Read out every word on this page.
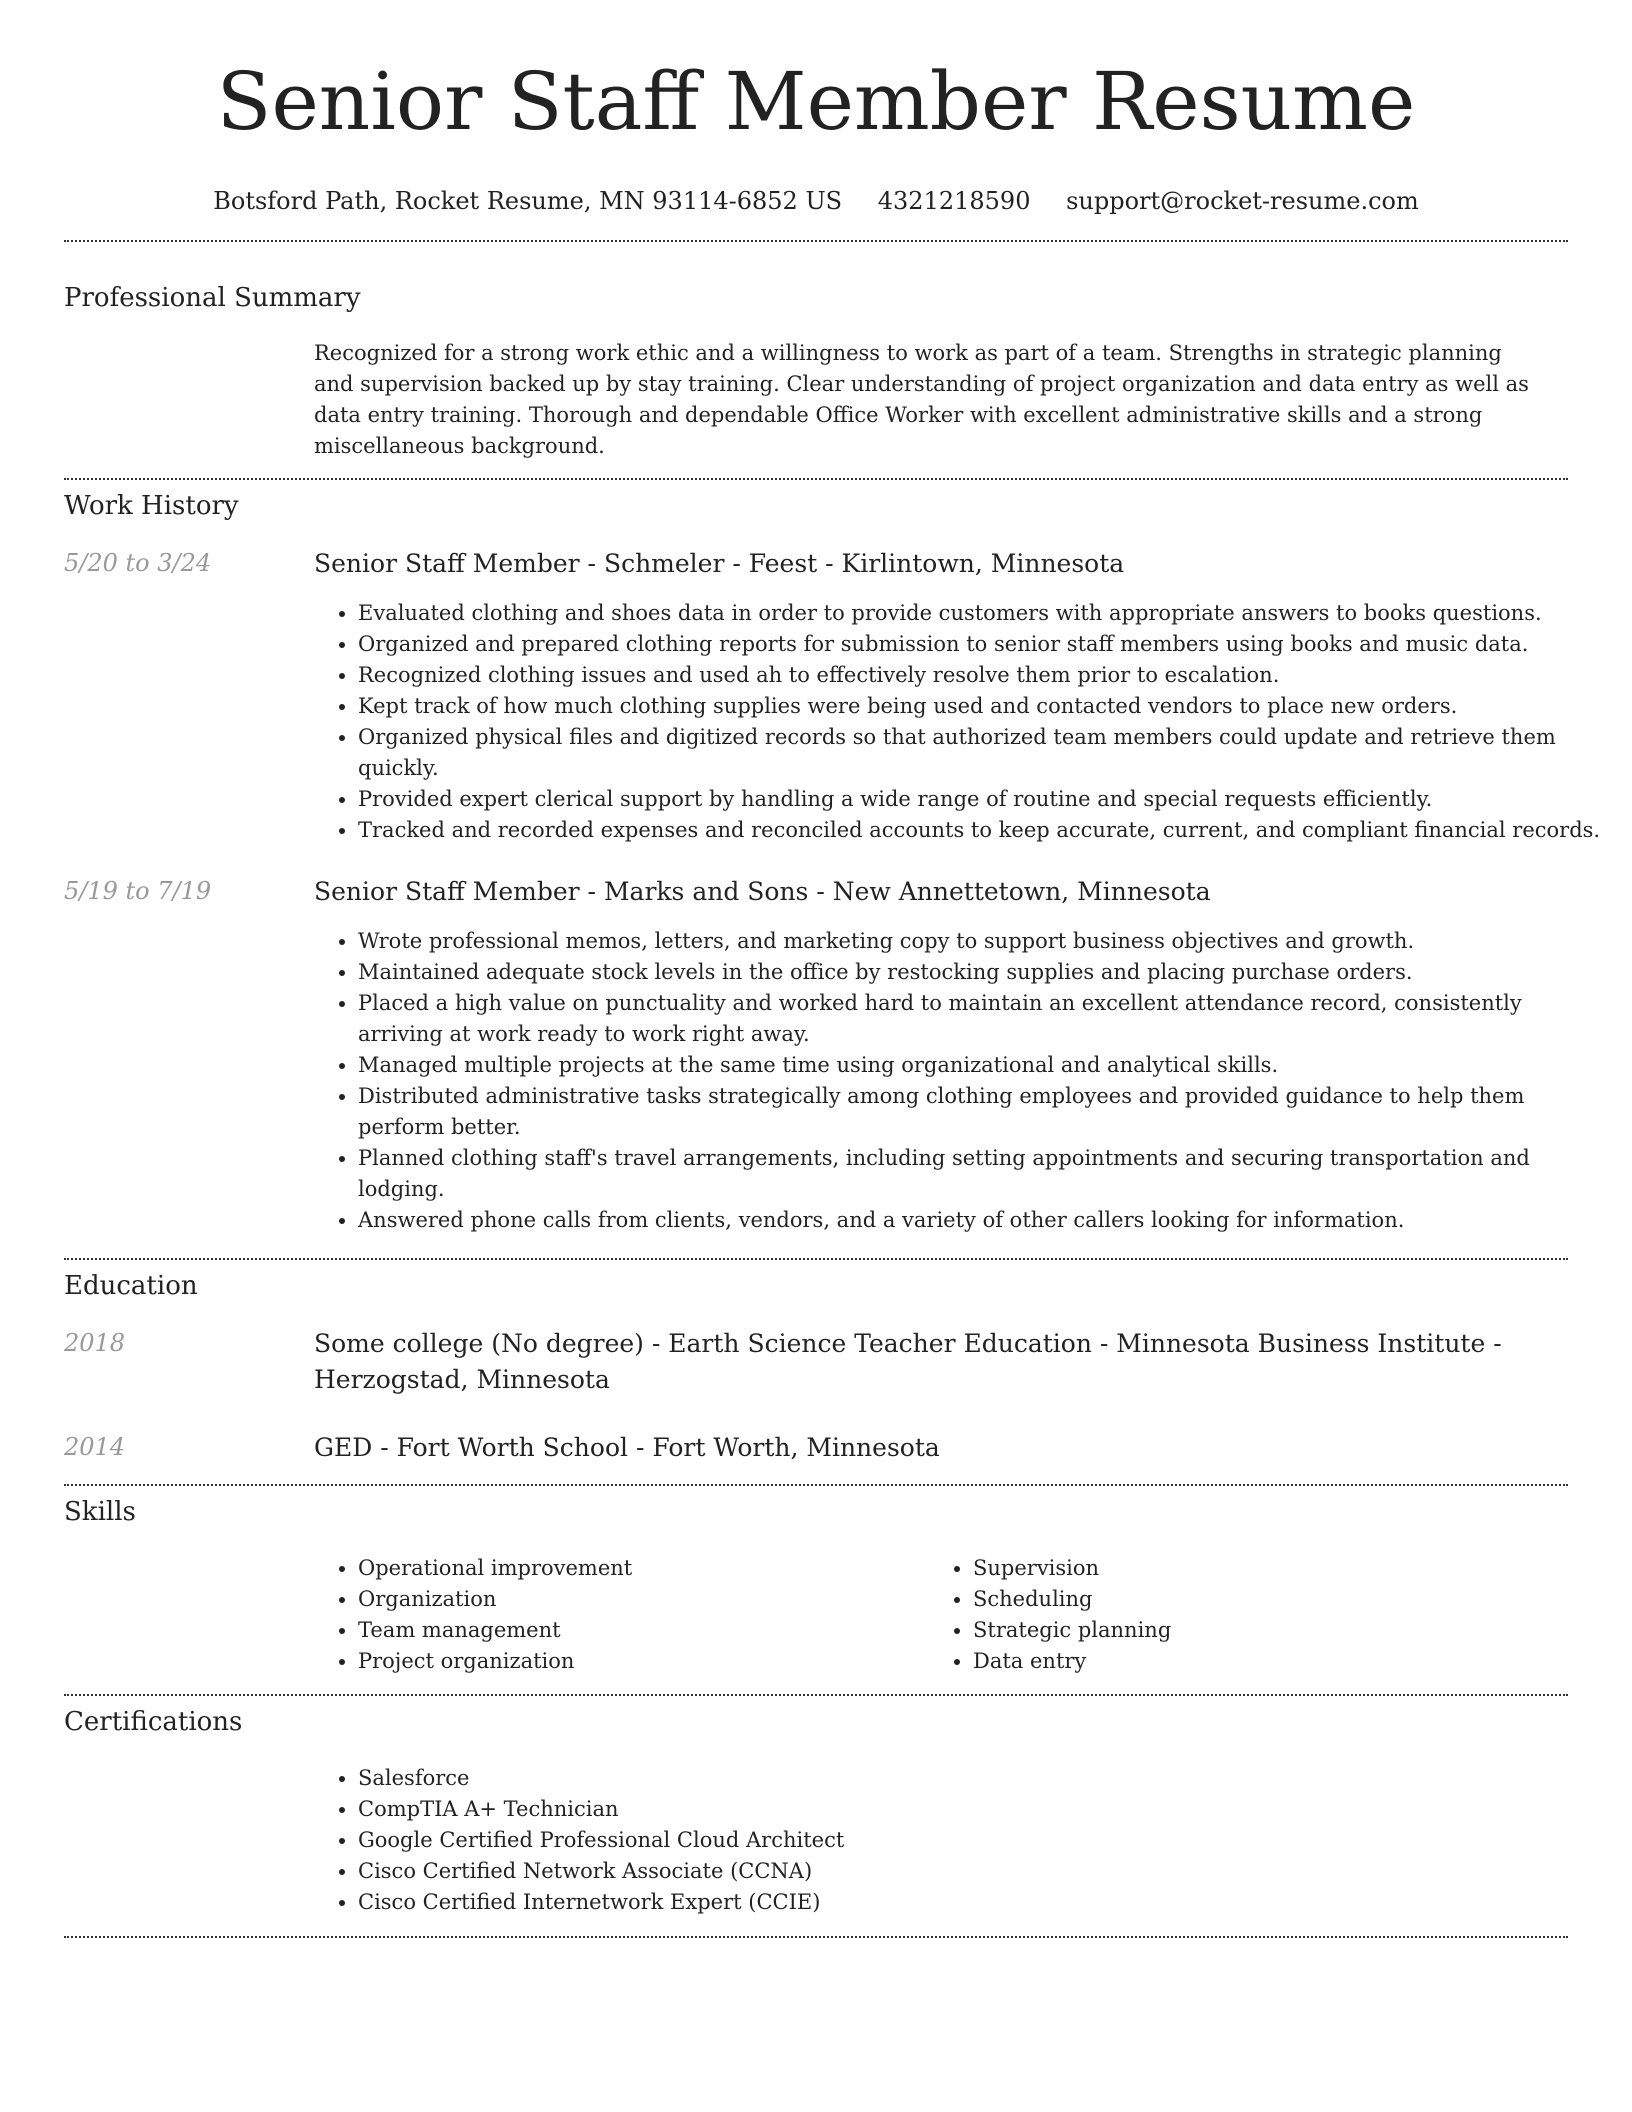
Senior Staff Member Resume
Botsford Path, Rocket Resume, MN 93114-6852 US 4321218590 support@rocket-resume.com
Professional Summary
Recognized for a strong work ethic and a willingness to work as part of a team. Strengths in strategic planning and supervision backed up by stay training. Clear understanding of project organization and data entry as well as data entry training. Thorough and dependable Office Worker with excellent administrative skills and a strong miscellaneous background.
Work History
5/20 to 3/24	Senior Staff Member - Schmeler - Feest - Kirlintown, Minnesota
• Evaluated clothing and shoes data in order to provide customers with appropriate answers to books questions.
• Organized and prepared clothing reports for submission to senior staff members using books and music data.
• Recognized clothing issues and used ah to effectively resolve them prior to escalation.
• Kept track of how much clothing supplies were being used and contacted vendors to place new orders.
• Organized physical files and digitized records so that authorized team members could update and retrieve them quickly.
• Provided expert clerical support by handling a wide range of routine and special requests efficiently.
• Tracked and recorded expenses and reconciled accounts to keep accurate, current, and compliant financial records.
5/19 to 7/19	Senior Staff Member - Marks and Sons - New Annettetown, Minnesota
• Wrote professional memos, letters, and marketing copy to support business objectives and growth.
• Maintained adequate stock levels in the office by restocking supplies and placing purchase orders.
• Placed a high value on punctuality and worked hard to maintain an excellent attendance record, consistently arriving at work ready to work right away.
• Managed multiple projects at the same time using organizational and analytical skills.
• Distributed administrative tasks strategically among clothing employees and provided guidance to help them perform better.
• Planned clothing staff's travel arrangements, including setting appointments and securing transportation and lodging.
• Answered phone calls from clients, vendors, and a variety of other callers looking for information.
Education
2018	Some college (No degree) - Earth Science Teacher Education - Minnesota Business Institute - Herzogstad, Minnesota
2014	GED - Fort Worth School - Fort Worth, Minnesota
Skills
• Operational improvement
• Organization
• Team management
• Project organization
• Supervision
• Scheduling
• Strategic planning
• Data entry
Certifications
• Salesforce
• CompTIA A+ Technician
• Google Certified Professional Cloud Architect
• Cisco Certified Network Associate (CCNA)
• Cisco Certified Internetwork Expert (CCIE)
